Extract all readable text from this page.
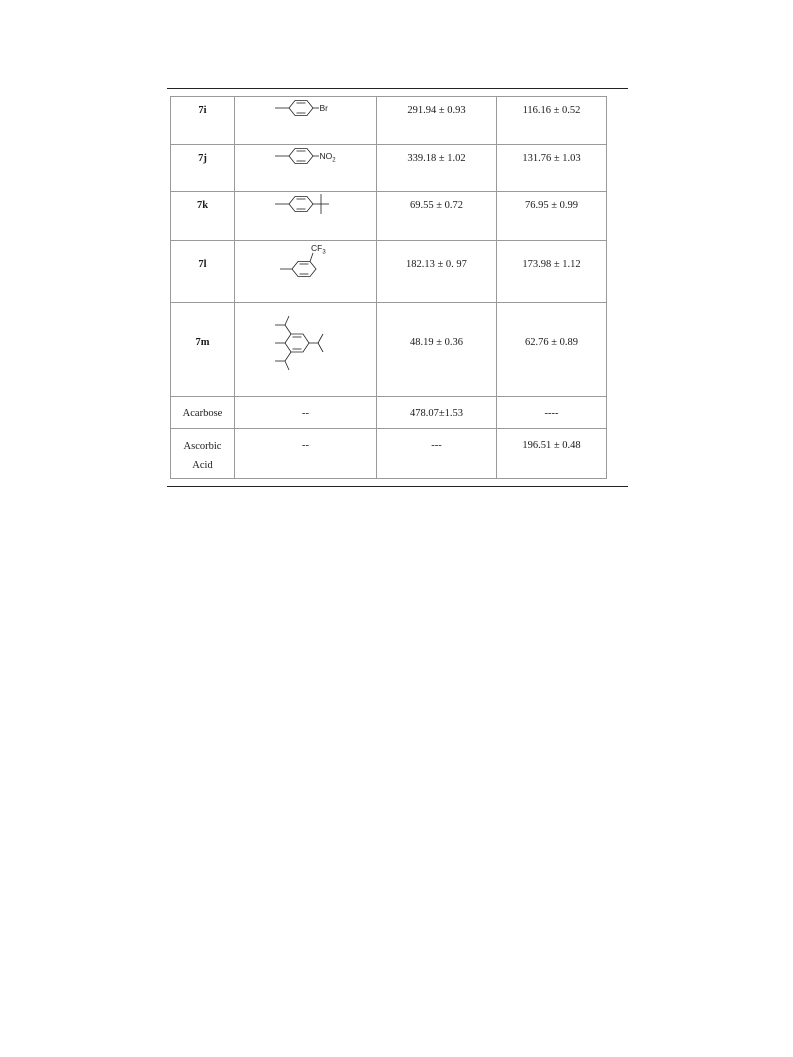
7i	Br	291.94 ± 0.93	116.16 ± 0.52

7j	$NO_2$	339.18 ± 1.02	131.76 ± 1.03

7k		69.55 ± 0.72	76.95 ± 0.99

7l	$CF_3$	182.13 ± 0. 97	173.98 ± 1.12

7m		48.19 ± 0.36	62.76 ± 0.89

Acarbose	--	478.07±1.53	----

Ascorbic
Acid	--	---	196.51 ± 0.48
